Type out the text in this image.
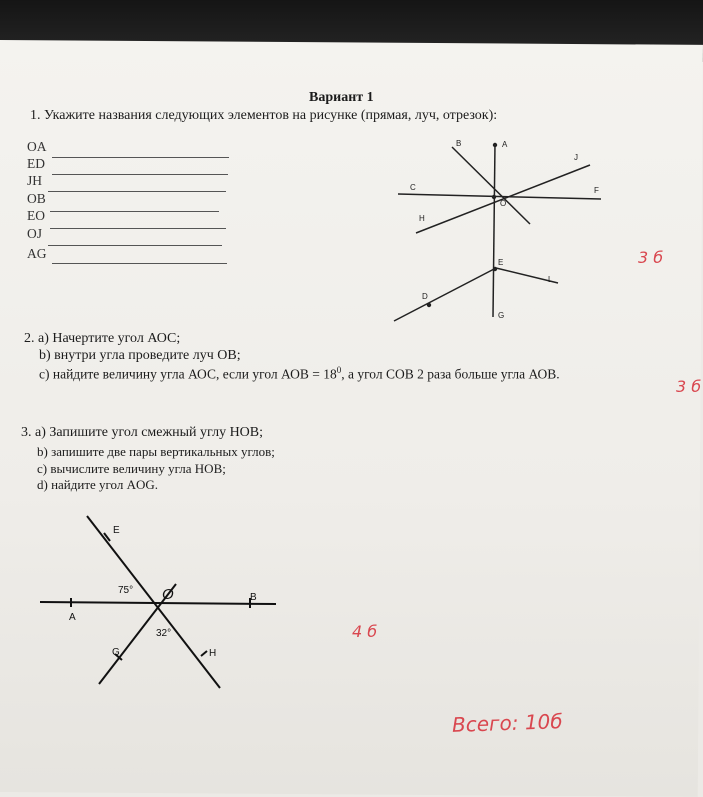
Вариант 1
1. Укажите названия следующих элементов на рисунке (прямая, луч, отрезок):
OA
ED
JH
OB
EO
OJ
AG
B	A
J
C	F
O
H
E
L
D
G
3 б
2. а) Начертите угол АОС;
b) внутри угла проведите луч ОВ;
с) найдите величину угла АОС, если угол АОВ = $18^0$, а угол СОВ 2 раза больше угла АОВ.
3 б
3. а) Запишите угол смежный углу НОВ;
b) запишите две пары вертикальных углов;
с) вычислите величину угла НОВ;
d) найдите угол AOG.
E
75° O	B
A
32°
G	H
4 б
Всего: 10б
